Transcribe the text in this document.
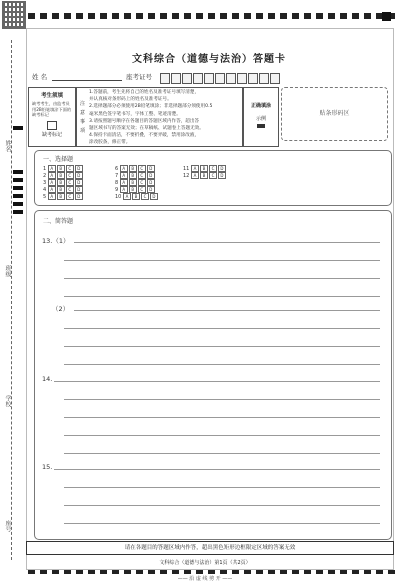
姓名
班级
学校
座号
文科综合（道德与法治）答题卡
姓 名	座考证号
考生须填
缺考考生，由监考员用2B铅笔填涂下面的缺考标记
缺考标记
注意事项
1.答题前，考生先将自己的姓名及准考证号填写清楚，
并认真核对条形码上的姓名及准考证号。
2.选择题部分必须使用2B铅笔填涂；非选择题部分须使用0.5
毫米黑色签字笔书写，字体工整、笔迹清楚。
3.请按照题号顺序在各题目的答题区域内作答，超出答
题区域书写的答案无效；在草稿纸、试题卷上答题无效。
4.保持卡面清洁，不要折叠，不要弄破，禁用涂改液，
涂改胶条，修正带。
正确填涂
示例
贴条形码区
一、选择题
1 A B C D
2 A B C D
3 A B C D
4 A B C D
5 A B C D
6 A B C D
7 A B C D
8 A B C D
9 A B C D
10 A B C D
11 A B C D
12 A B C D
二、简答题
13.（1）
（2）
14.
15.
请在各题目的答题区域内作答，超出黑色矩形边框限定区域的答案无效
文科综合（道德与法治）第1页（共2页）
—— 沿 虚 线 剪 开 ——
